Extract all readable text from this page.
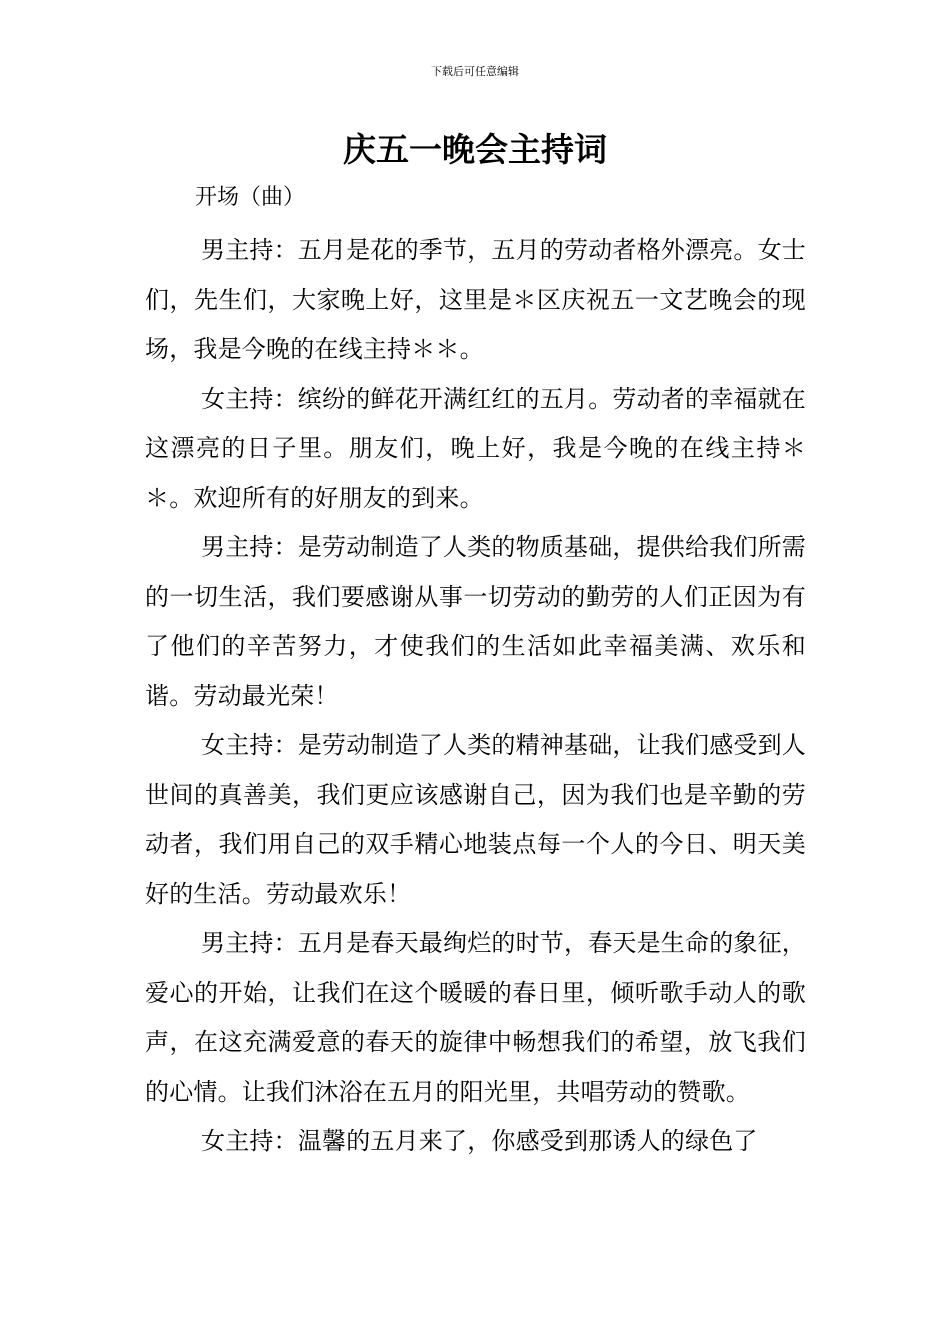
下载后可任意编辑
庆五一晚会主持词
开场（曲）

男主持：五月是花的季节，五月的劳动者格外漂亮。女士们，先生们，大家晚上好，这里是＊区庆祝五一文艺晚会的现场，我是今晚的在线主持＊＊。

女主持：缤纷的鲜花开满红红的五月。劳动者的幸福就在这漂亮的日子里。朋友们，晚上好，我是今晚的在线主持＊＊。欢迎所有的好朋友的到来。

男主持：是劳动制造了人类的物质基础，提供给我们所需的一切生活，我们要感谢从事一切劳动的勤劳的人们正因为有了他们的辛苦努力，才使我们的生活如此幸福美满、欢乐和谐。劳动最光荣！

女主持：是劳动制造了人类的精神基础，让我们感受到人世间的真善美，我们更应该感谢自己，因为我们也是辛勤的劳动者，我们用自己的双手精心地装点每一个人的今日、明天美好的生活。劳动最欢乐！

男主持：五月是春天最绚烂的时节，春天是生命的象征，爱心的开始，让我们在这个暖暖的春日里，倾听歌手动人的歌声，在这充满爱意的春天的旋律中畅想我们的希望，放飞我们的心情。让我们沐浴在五月的阳光里，共唱劳动的赞歌。

女主持：温馨的五月来了，你感受到那诱人的绿色了
